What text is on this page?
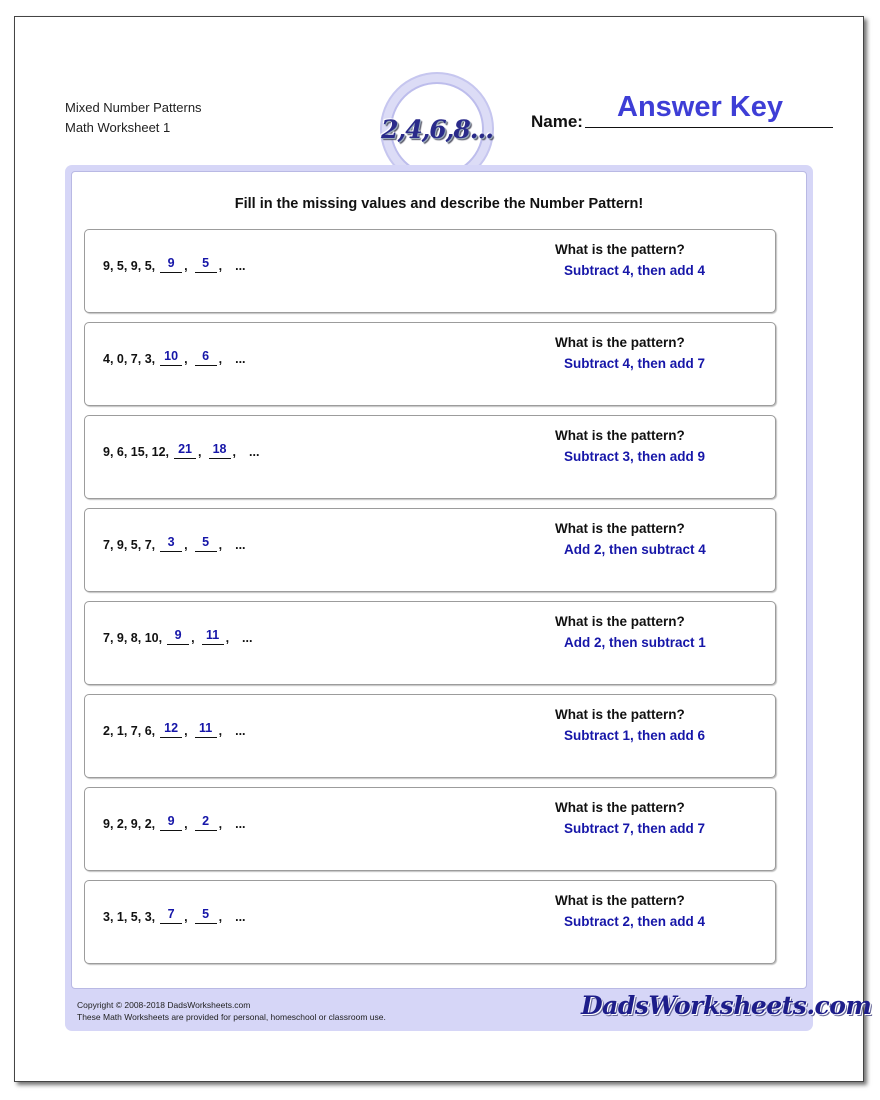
Mixed Number Patterns
Math Worksheet 1	2,4,6,8... Name: Answer Key
Fill in the missing values and describe the Number Pattern!
Copyright © 2008-2018 DadsWorksheets.com
These Math Worksheets are provided for personal, homeschool or classroom use.	DadsWorksheets.com
9, 5, 9, 5,	9 ,	5 , ...
What is the pattern?
Subtract 4, then add 4
4, 0, 7, 3, 10 ,	6 , ...
What is the pattern?
Subtract 4, then add 7
9, 6, 15, 12, 21 , 18 , ...
What is the pattern?
Subtract 3, then add 9
7, 9, 5, 7,	3 ,	5 , ...
What is the pattern?
Add 2, then subtract 4
7, 9, 8, 10,	9 , 11 , ...
What is the pattern?
Add 2, then subtract 1
2, 1, 7, 6, 12 , 11 , ...
What is the pattern?
Subtract 1, then add 6
9, 2, 9, 2,	9 ,	2 , ...
What is the pattern?
Subtract 7, then add 7
3, 1, 5, 3,	7 ,	5 , ...
What is the pattern?
Subtract 2, then add 4
